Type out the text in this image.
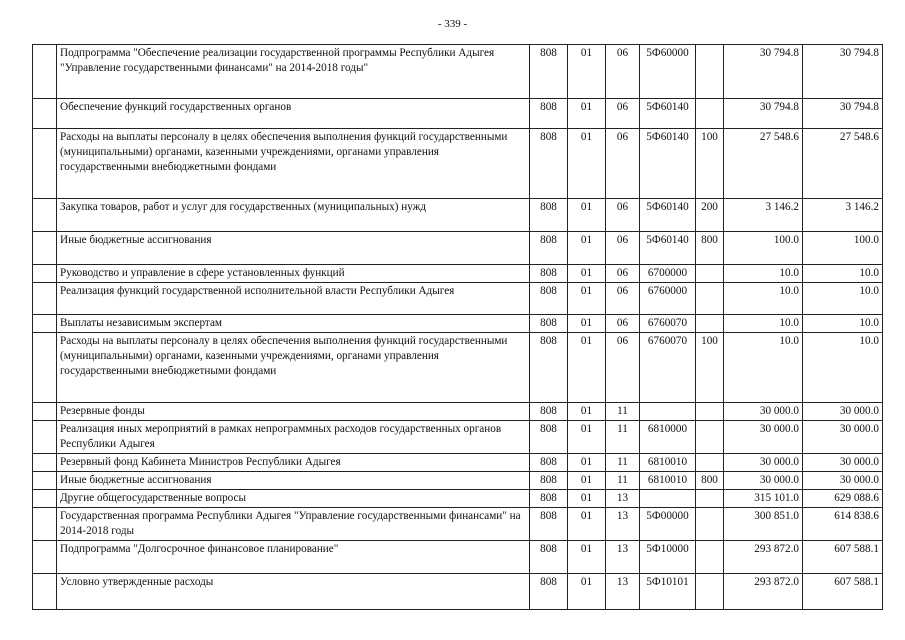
- 339 -
	Подпрограмма "Обеспечение реализации государственной программы Республики Адыгея "Управление государственными финансами" на 2014-2018 годы"	808	01	06	5Ф60000		30 794.8	30 794.8
	Обеспечение функций государственных органов	808	01	06	5Ф60140		30 794.8	30 794.8
	Расходы на выплаты персоналу в целях обеспечения выполнения функций государственными (муниципальными) органами, казенными учреждениями, органами управления государственными внебюджетными фондами	808	01	06	5Ф60140	100	27 548.6	27 548.6
	Закупка товаров, работ и услуг для государственных (муниципальных) нужд	808	01	06	5Ф60140	200	3 146.2	3 146.2
	Иные бюджетные ассигнования	808	01	06	5Ф60140	800	100.0	100.0
	Руководство и управление в сфере установленных функций	808	01	06	6700000		10.0	10.0
	Реализация функций государственной исполнительной власти Республики Адыгея	808	01	06	6760000		10.0	10.0
	Выплаты независимым экспертам	808	01	06	6760070		10.0	10.0
	Расходы на выплаты персоналу в целях обеспечения выполнения функций государственными (муниципальными) органами, казенными учреждениями, органами управления государственными внебюджетными фондами	808	01	06	6760070	100	10.0	10.0
	Резервные фонды	808	01	11			30 000.0	30 000.0
	Реализация иных мероприятий в рамках непрограммных расходов государственных органов Республики Адыгея	808	01	11	6810000		30 000.0	30 000.0
	Резервный фонд Кабинета Министров Республики Адыгея	808	01	11	6810010		30 000.0	30 000.0
	Иные бюджетные ассигнования	808	01	11	6810010	800	30 000.0	30 000.0
	Другие общегосударственные вопросы	808	01	13			315 101.0	629 088.6
	Государственная программа Республики Адыгея "Управление государственными финансами" на 2014-2018 годы	808	01	13	5Ф00000		300 851.0	614 838.6
	Подпрограмма "Долгосрочное финансовое планирование"	808	01	13	5Ф10000		293 872.0	607 588.1
	Условно утвержденные расходы	808	01	13	5Ф10101		293 872.0	607 588.1
